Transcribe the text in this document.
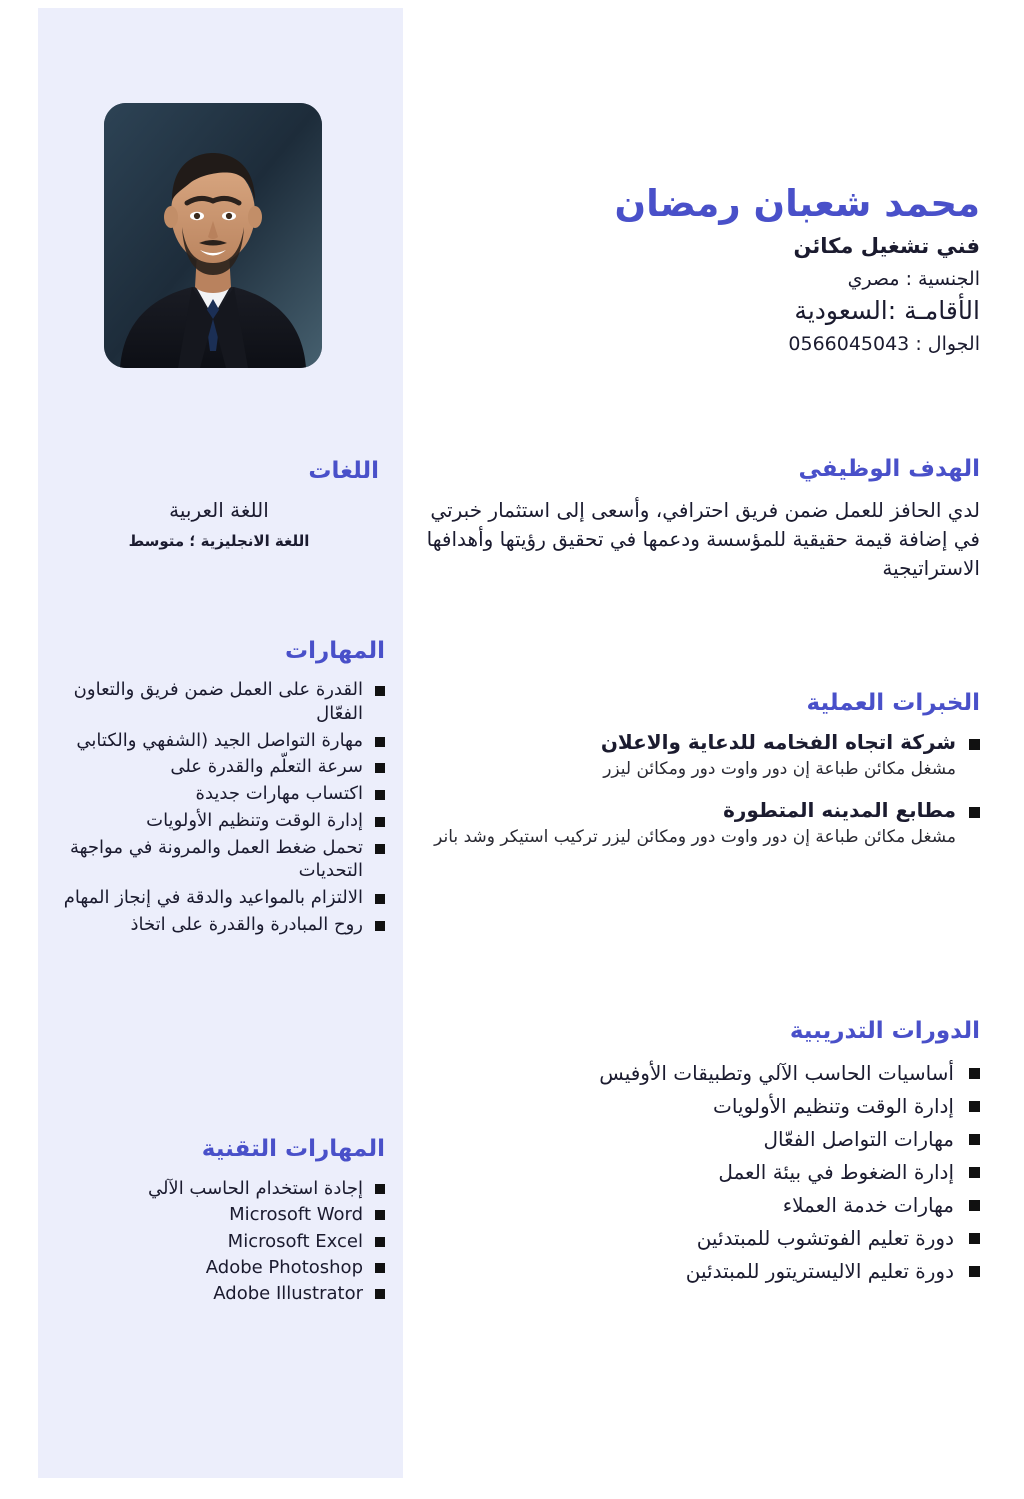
اللغات
اللغة العربية
اللغة الانجليزية ؛ متوسط
المهارات
القدرة على العمل ضمن فريق والتعاون الفعّال
مهارة التواصل الجيد (الشفهي والكتابي
سرعة التعلّم والقدرة على
اكتساب مهارات جديدة
إدارة الوقت وتنظيم الأولويات
تحمل ضغط العمل والمرونة في مواجهة التحديات
الالتزام بالمواعيد والدقة في إنجاز المهام
روح المبادرة والقدرة على اتخاذ
المهارات التقنية
إجادة استخدام الحاسب الآلي
Microsoft Word
Microsoft Excel
Adobe Photoshop
Adobe Illustrator
محمد شعبان رمضان
فني تشغيل مكائن
الجنسية : مصري
الأقامـة :السعودية
الجوال : 0566045043
الهدف الوظيفي

لدي الحافز للعمل ضمن فريق احترافي، وأسعى إلى استثمار خبرتي في إضافة قيمة حقيقية للمؤسسة ودعمها في تحقيق رؤيتها وأهدافها الاستراتيجية

الخبرات العملية
شركة اتجاه الفخامه للدعاية والاعلان

مشغل مكائن طباعة إن دور واوت دور ومكائن ليزر

مطابع المدينه المتطورة

مشغل مكائن طباعة إن دور واوت دور ومكائن ليزر تركيب استيكر وشد بانر

الدورات التدريبية
أساسيات الحاسب الآلي وتطبيقات الأوفيس
إدارة الوقت وتنظيم الأولويات
مهارات التواصل الفعّال
إدارة الضغوط في بيئة العمل
مهارات خدمة العملاء
دورة تعليم الفوتشوب للمبتدئين
دورة تعليم الاليستريتور للمبتدئين
